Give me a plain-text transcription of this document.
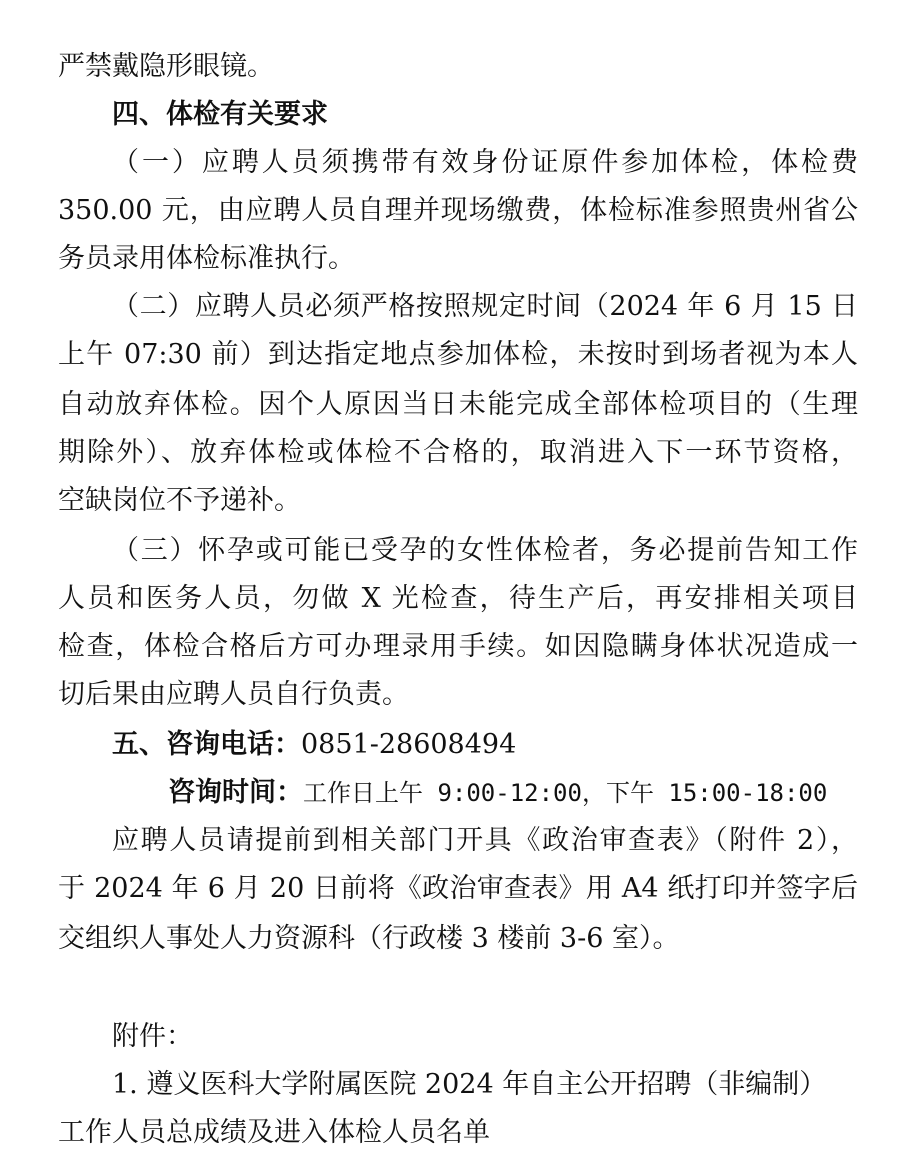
严禁戴隐形眼镜。
四、体检有关要求
（一）应聘人员须携带有效身份证原件参加体检，体检费
350.00 元，由应聘人员自理并现场缴费，体检标准参照贵州省公
务员录用体检标准执行。
（二）应聘人员必须严格按照规定时间（2024 年 6 月 15 日
上午 07:30 前）到达指定地点参加体检，未按时到场者视为本人
自动放弃体检。因个人原因当日未能完成全部体检项目的（生理
期除外）、放弃体检或体检不合格的，取消进入下一环节资格，
空缺岗位不予递补。
（三）怀孕或可能已受孕的女性体检者，务必提前告知工作
人员和医务人员，勿做 X 光检查，待生产后，再安排相关项目
检查，体检合格后方可办理录用手续。如因隐瞒身体状况造成一
切后果由应聘人员自行负责。
五、咨询电话：0851-28608494
咨询时间：工作日上午 9:00-12:00，下午 15:00-18:00
应聘人员请提前到相关部门开具《政治审查表》（附件 2），
于 2024 年 6 月 20 日前将《政治审查表》用 A4 纸打印并签字后
交组织人事处人力资源科（行政楼 3 楼前 3-6 室）。
附件：
1. 遵义医科大学附属医院 2024 年自主公开招聘（非编制）
工作人员总成绩及进入体检人员名单
